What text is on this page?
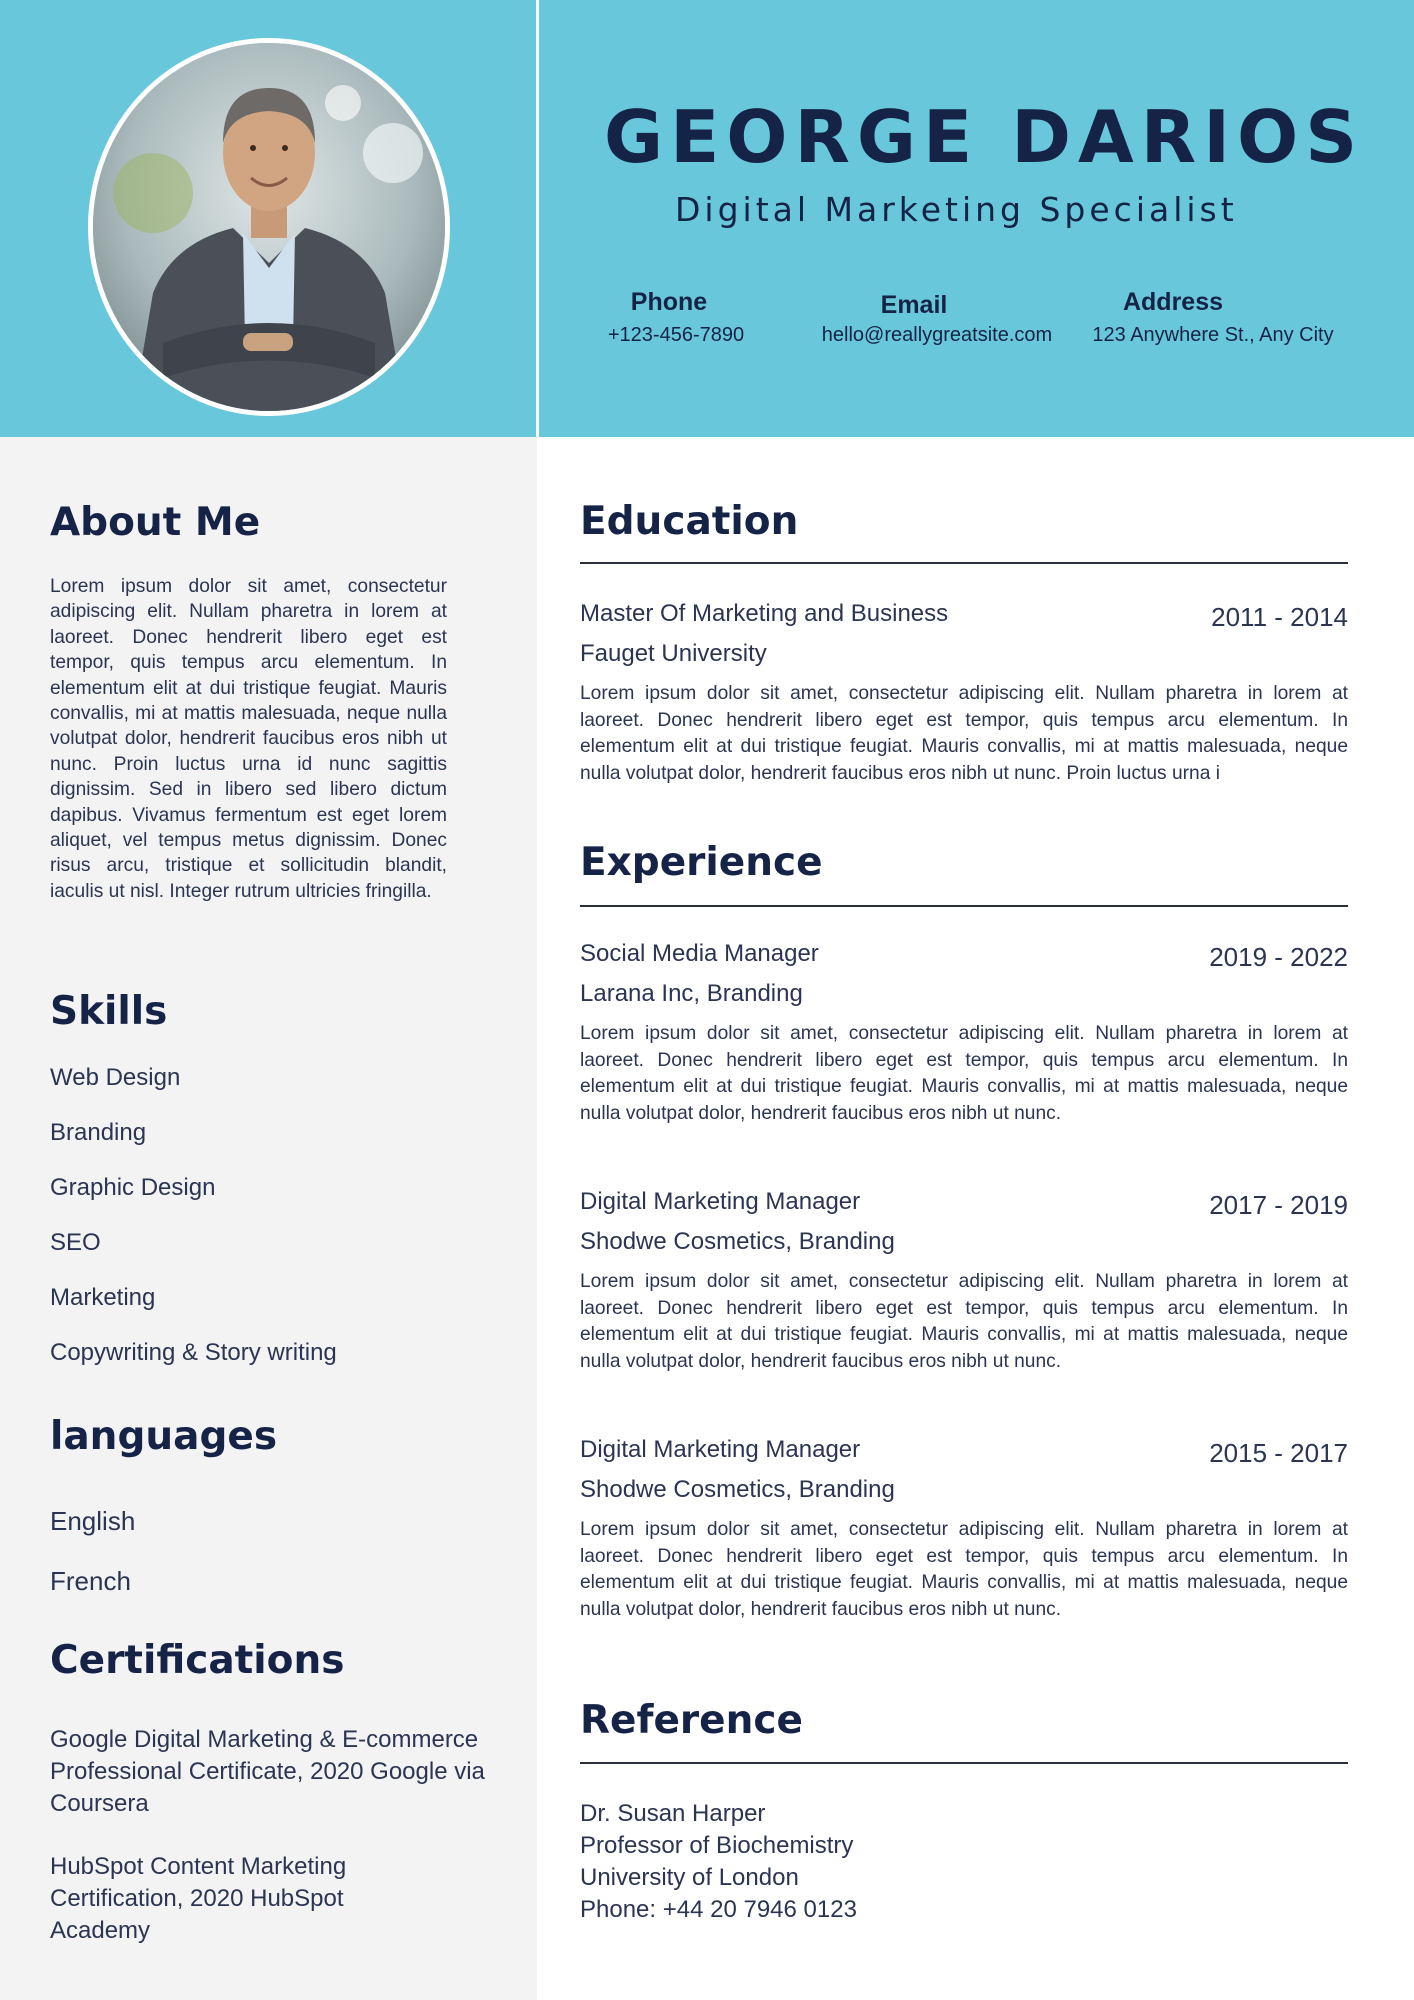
GEORGE DARIOS
Digital Marketing Specialist
Phone
+123-456-7890
Email
hello@reallygreatsite.com
Address
123 Anywhere St., Any City
About Me
Lorem ipsum dolor sit amet, consectetur adipiscing elit. Nullam pharetra in lorem at laoreet. Donec hendrerit libero eget est tempor, quis tempus arcu elementum. In elementum elit at dui tristique feugiat. Mauris convallis, mi at mattis malesuada, neque nulla volutpat dolor, hendrerit faucibus eros nibh ut nunc. Proin luctus urna id nunc sagittis dignissim. Sed in libero sed libero dictum dapibus. Vivamus fermentum est eget lorem aliquet, vel tempus metus dignissim. Donec risus arcu, tristique et sollicitudin blandit, iaculis ut nisl. Integer rutrum ultricies fringilla.
Skills
Web Design
Branding
Graphic Design
SEO
Marketing
Copywriting & Story writing
languages
English
French
Certifications
Google Digital Marketing & E-commerce Professional Certificate, 2020 Google via Coursera
HubSpot Content Marketing Certification, 2020 HubSpot Academy
Education
Master Of Marketing and Business	2011 - 2014
Fauget University
Lorem ipsum dolor sit amet, consectetur adipiscing elit. Nullam pharetra in lorem at laoreet. Donec hendrerit libero eget est tempor, quis tempus arcu elementum. In elementum elit at dui tristique feugiat. Mauris convallis, mi at mattis malesuada, neque nulla volutpat dolor, hendrerit faucibus eros nibh ut nunc. Proin luctus urna i
Experience
Social Media Manager	2019 - 2022
Larana Inc, Branding
Lorem ipsum dolor sit amet, consectetur adipiscing elit. Nullam pharetra in lorem at laoreet. Donec hendrerit libero eget est tempor, quis tempus arcu elementum. In elementum elit at dui tristique feugiat. Mauris convallis, mi at mattis malesuada, neque nulla volutpat dolor, hendrerit faucibus eros nibh ut nunc.
Digital Marketing Manager	2017 - 2019
Shodwe Cosmetics, Branding
Lorem ipsum dolor sit amet, consectetur adipiscing elit. Nullam pharetra in lorem at laoreet. Donec hendrerit libero eget est tempor, quis tempus arcu elementum. In elementum elit at dui tristique feugiat. Mauris convallis, mi at mattis malesuada, neque nulla volutpat dolor, hendrerit faucibus eros nibh ut nunc.
Digital Marketing Manager	2015 - 2017
Shodwe Cosmetics, Branding
Lorem ipsum dolor sit amet, consectetur adipiscing elit. Nullam pharetra in lorem at laoreet. Donec hendrerit libero eget est tempor, quis tempus arcu elementum. In elementum elit at dui tristique feugiat. Mauris convallis, mi at mattis malesuada, neque nulla volutpat dolor, hendrerit faucibus eros nibh ut nunc.
Reference
Dr. Susan Harper
Professor of Biochemistry
University of London
Phone: +44 20 7946 0123
